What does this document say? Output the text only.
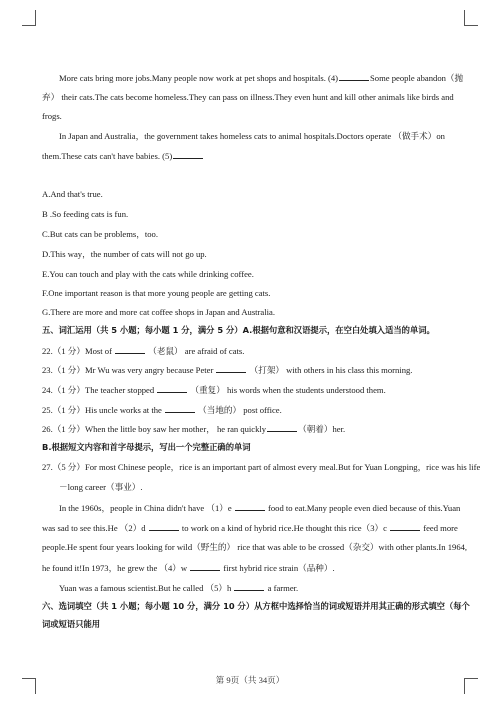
More cats bring more jobs.Many people now work at pet shops and hospitals. (4)	Some people abandon（抛
弃） their cats.The cats become homeless.They can pass on illness.They even hunt and kill other animals like birds and
frogs.
In Japan and Australia，the government takes homeless cats to animal hospitals.Doctors operate （做手术）on
them.These cats can't have babies. (5)
A.And that's true.
B .So feeding cats is fun.
C.But cats can be problems，too.
D.This way，the number of cats will not go up.
E.You can touch and play with the cats while drinking coffee.
F.One important reason is that more young people are getting cats.
G.There are more and more cat coffee shops in Japan and Australia.
五、词汇运用（共 5 小题；每小题 1 分，满分 5 分）A.根据句意和汉语提示，在空白处填入适当的单词。
22.（1 分）Most of	（老鼠） are afraid of cats.
23.（1 分）Mr Wu was very angry because Peter	（打架） with others in his class this morning.
24.（1 分）The teacher stopped	（重复） his words when the students understood them.
25.（1 分）His uncle works at the	（当地的） post office.
26.（1 分）When the little boy saw her mother， he ran quickly	（朝着）her.
B.根据短文内容和首字母提示，写出一个完整正确的单词
27.（5 分）For most Chinese people，rice is an important part of almost every meal.But for Yuan Longping，rice was his life
－long career（事业）.
In the 1960s，people in China didn't have （1）e	food to eat.Many people even died because of this.Yuan
was sad to see this.He （2）d	to work on a kind of hybrid rice.He thought this rice（3）c	feed more
people.He spent four years looking for wild（野生的） rice that was able to be crossed（杂交）with other plants.In 1964,
he found it!In 1973，he grew the （4）w	first hybrid rice strain（品种）.
Yuan was a famous scientist.But he called （5）h	a farmer.
六、选词填空（共 1 小题；每小题 10 分，满分 10 分）从方框中选择恰当的词或短语并用其正确的形式填空（每个
词或短语只能用
第 9页（共 34页）
